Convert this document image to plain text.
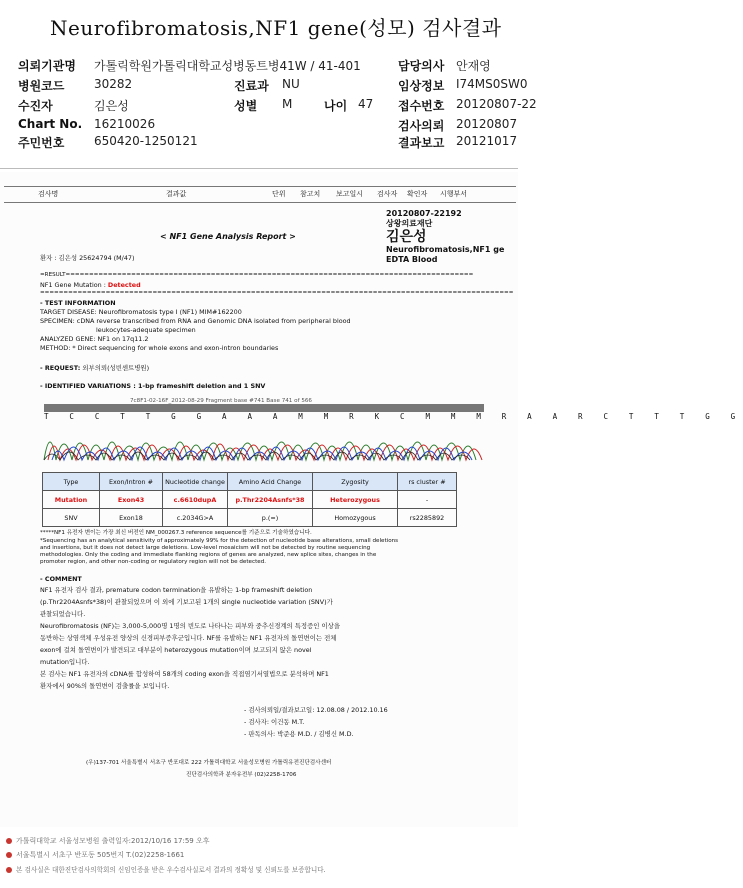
Neurofibromatosis,NF1 gene(성모) 검사결과
의뢰기관명 가톨릭학원가톨릭대학교성병동트병41W / 41-401	담당의사 안재영
병원코드 30282	진료과 NU	임상정보 I74MS0SW0
수진자	김은성	성별 M	나이 47 접수번호 20120807-22
Chart No. 16210026	검사의뢰 20120807
주민번호 650420-1250121	결과보고 20121017
검사명	결과값	단위 참고치 보고일시 검사자 확인자 시행부서
20120807-22192
상왕의료재단
김은성
Neurofibromatosis,NF1 ge
EDTA Blood
< NF1 Gene Analysis Report >
환자 : 김은성 25624794 (M/47)
=RESULT=======================================================================================
NF1 Gene Mutation : Detected
=====================================================================================================
- TEST INFORMATION
TARGET DISEASE: Neurofibromatosis type I (NF1) MIM#162200
SPECIMEN: cDNA reverse transcribed from RNA and Genomic DNA isolated from peripheral blood
leukocytes-adequate specimen
ANALYZED GENE: NF1 on 17q11.2
METHOD: * Direct sequencing for whole exons and exon-intron boundaries
- REQUEST: 외부의뢰(성빈센트병원)
- IDENTIFIED VARIATIONS : 1-bp frameshift deletion and 1 SNV
7c8F1-02-16F_2012-08-29 Fragment base #741 Base 741 of 566
T C C T T G G A A A M M R K C M M M R A A R C T T T G G
Type	Exon/Intron #	Nucleotide change	Amino Acid Change	Zygosity	rs cluster #
Mutation	Exon43	c.6610dupA	p.Thr2204Asnfs*38	Heterozygous	-
SNV	Exon18	c.2034G>A	p.(=)	Homozygous	rs2285892
*****NF1 유전자 변이는 가장 최신 버전인 NM_000267.3 reference sequence를 기준으로 기술하였습니다.
*Sequencing has an analytical sensitivity of approximately 99% for the detection of nucleotide base alterations, small deletions
and insertions, but it does not detect large deletions. Low-level mosaicism will not be detected by routine sequencing
methodologies. Only the coding and immediate flanking regions of genes are analyzed, new splice sites, changes in the
promoter region, and other non-coding or regulatory region will not be detected.
- COMMENT
NF1 유전자 검사 결과, premature codon termination을 유발하는 1-bp frameshift deletion
(p.Thr2204Asnfs*38)이 관찰되었으며 이 외에 기보고된 1개의 single nucleotide variation (SNV)가
관찰되었습니다.
Neurofibromatosis (NF)는 3,000-5,000명 1명의 빈도로 나타나는 피부와 중추신경계의 특정증인 이상을
동반하는 상염색체 우성유전 양상의 신경피부증후군입니다. NF를 유발하는 NF1 유전자의 돌연변이는 전체
exon에 걸쳐 돌연변이가 발견되고 대부분이 heterozygous mutation이며 보고되지 않은 novel
mutation입니다.
본 검사는 NF1 유전자의 cDNA를 합성하여 58개의 coding exon을 직접염기서열법으로 분석하며 NF1
환자에서 90%의 돌연변이 검출률을 보입니다.
- 검사의뢰일/결과보고일: 12.08.08 / 2012.10.16
- 검사자: 이건동 M.T.
- 판독의사: 박준용 M.D. / 김병신 M.D.
(우)137-701 서울특별시 서초구 반포대로 222 가톨릭대학교 서울성모병원 가톨릭유전진단검사센터
진단검사의학과 분자유전부 (02)2258-1706
가톨릭대학교 서울성모병원 출력일자:2012/10/16 17:59 오후
서울특별시 서초구 반포동 505번지 T.(02)2258-1661
본 검사실은 대한진단검사의학회의 신임인증을 받은 우수검사실로서 결과의 정확성 및 신뢰도를 보증합니다.
